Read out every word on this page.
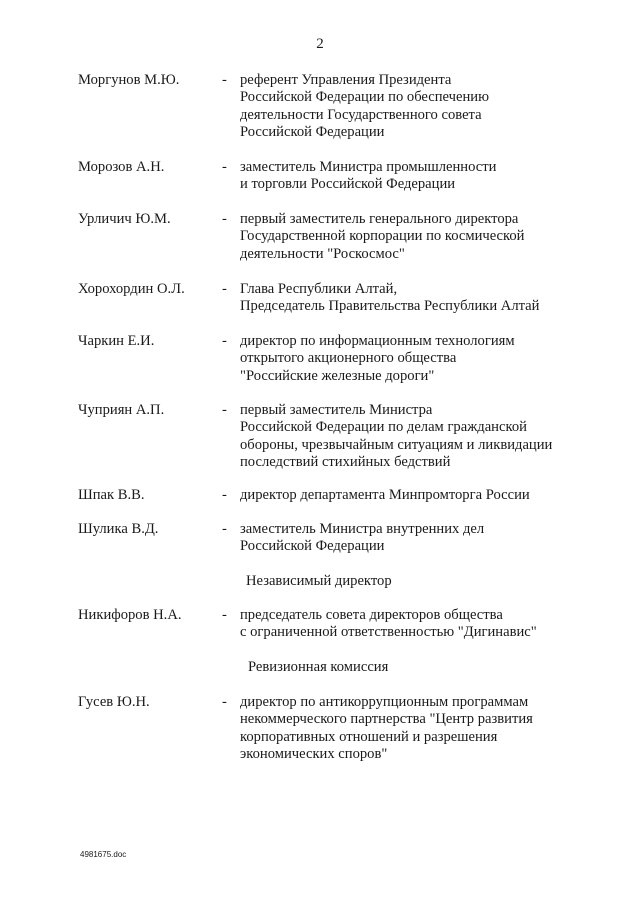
2
Моргунов М.Ю.	- референт Управления Президента
Российской Федерации по обеспечению
деятельности Государственного совета
Российской Федерации
Морозов А.Н.	- заместитель Министра промышленности
и торговли Российской Федерации
Урличич Ю.М.	- первый заместитель генерального директора
Государственной корпорации по космической
деятельности "Роскосмос"
Хорохордин О.Л.	- Глава Республики Алтай,
Председатель Правительства Республики Алтай
Чаркин Е.И.	- директор по информационным технологиям
открытого акционерного общества
"Российские железные дороги"
Чуприян А.П.	- первый заместитель Министра
Российской Федерации по делам гражданской
обороны, чрезвычайным ситуациям и ликвидации
последствий стихийных бедствий
Шпак В.В.	- директор департамента Минпромторга России
Шулика В.Д.	- заместитель Министра внутренних дел
Российской Федерации
Независимый директор
Никифоров Н.А.	- председатель совета директоров общества
с ограниченной ответственностью "Дигинавис"
Ревизионная комиссия
Гусев Ю.Н.	- директор по антикоррупционным программам
некоммерческого партнерства "Центр развития
корпоративных отношений и разрешения
экономических споров"
4981675.doc
